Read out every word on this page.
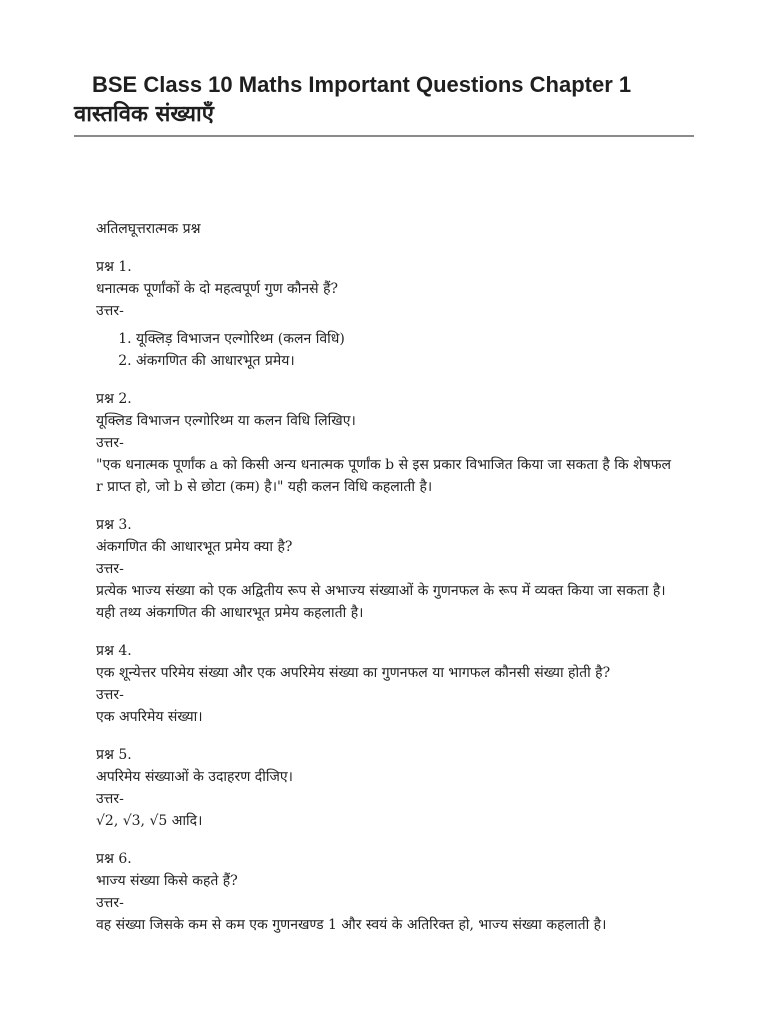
BSE Class 10 Maths Important Questions Chapter 1
वास्तविक संख्याएँ
अतिलघूत्तरात्मक प्रश्न
प्रश्न 1.
धनात्मक पूर्णांकों के दो महत्वपूर्ण गुण कौनसे हैं?
उत्तर-
1. यूक्लिड़ विभाजन एल्गोरिथ्म (कलन विधि)
2. अंकगणित की आधारभूत प्रमेय।
प्रश्न 2.
यूक्लिड विभाजन एल्गोरिथ्म या कलन विधि लिखिए।
उत्तर-
"एक धनात्मक पूर्णांक a को किसी अन्य धनात्मक पूर्णांक b से इस प्रकार विभाजित किया जा सकता है कि शेषफल r प्राप्त हो, जो b से छोटा (कम) है।" यही कलन विधि कहलाती है।
प्रश्न 3.
अंकगणित की आधारभूत प्रमेय क्या है?
उत्तर-
प्रत्येक भाज्य संख्या को एक अद्वितीय रूप से अभाज्य संख्याओं के गुणनफल के रूप में व्यक्त किया जा सकता है। यही तथ्य अंकगणित की आधारभूत प्रमेय कहलाती है।
प्रश्न 4.
एक शून्येत्तर परिमेय संख्या और एक अपरिमेय संख्या का गुणनफल या भागफल कौनसी संख्या होती है?
उत्तर-
एक अपरिमेय संख्या।
प्रश्न 5.
अपरिमेय संख्याओं के उदाहरण दीजिए।
उत्तर-
√2, √3, √5 आदि।
प्रश्न 6.
भाज्य संख्या किसे कहते हैं?
उत्तर-
वह संख्या जिसके कम से कम एक गुणनखण्ड 1 और स्वयं के अतिरिक्त हो, भाज्य संख्या कहलाती है।
